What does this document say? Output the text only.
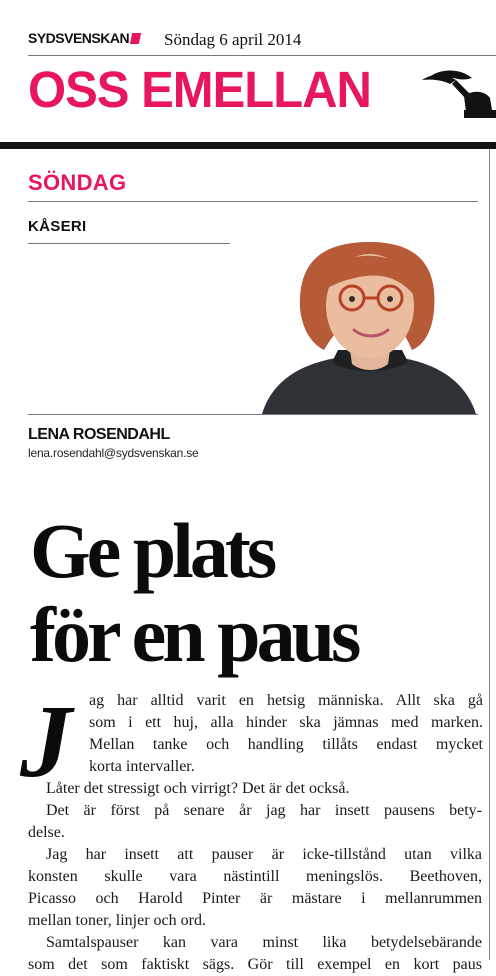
SYDSVENSKAN	Söndag 6 april 2014
OSS EMELLAN
SÖNDAG
KÅSERI
LENA ROSENDAHL
lena.rosendahl@sydsvenskan.se
Ge plats
för en paus
J ag har alltid varit en hetsig människa. Allt ska gå
som i ett huj, alla hinder ska jämnas med marken.
Mellan tanke och handling tillåts endast mycket
korta intervaller.
Låter det stressigt och virrigt? Det är det också.
Det är först på senare år jag har insett pausens bety-
delse.
Jag har insett att pauser är icke-tillstånd utan vilka
konsten skulle vara nästintill meningslös. Beethoven,
Picasso och Harold Pinter är mästare i mellanrummen
mellan toner, linjer och ord.
Samtalspauser kan vara minst lika betydelsebärande
som det som faktiskt sägs. Gör till exempel en kort paus
